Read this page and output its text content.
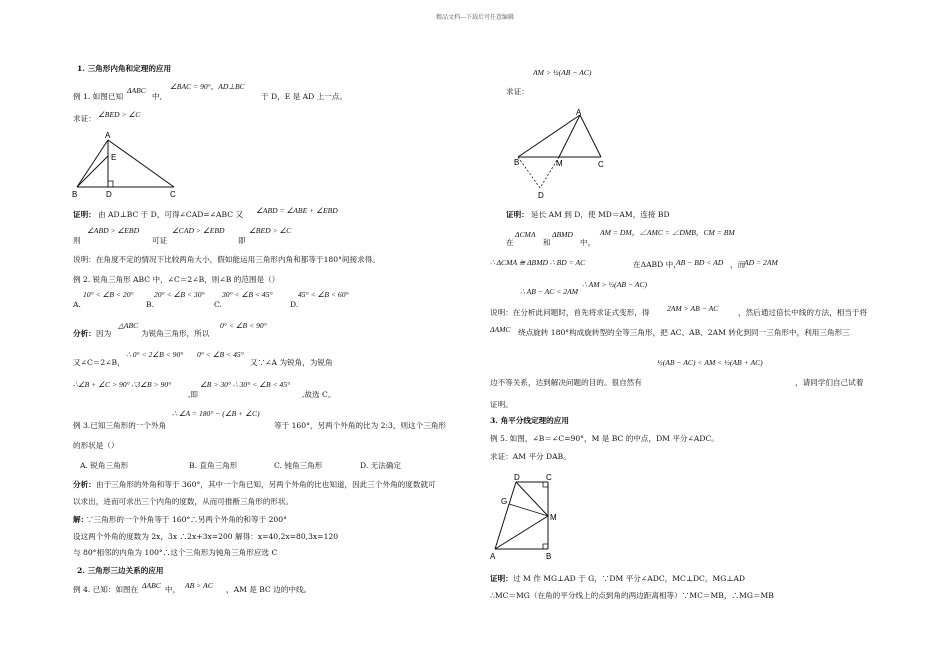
精品文档---下载后可任意编辑
1. 三角形内角和定理的应用
例 1. 如图已知
ΔABC
中,
∠BAC = 90°，AD⊥BC
于 D，E 是 AD 上一点。
求证： ∠BED > ∠C
A
E
B	D	C
证明： 由 AD⊥BC 于 D，可得∠CAD=∠ABC 又 ∠ABD = ∠ABE + ∠EBD
则
∠ABD > ∠EBD
可证
∠CAD > ∠EBD
即
∠BED > ∠C
说明：在角度不定的情况下比较两角大小，假如能运用三角形内角和都等于180°间接求得。
例 2. 锐角三角形 ABC 中，∠C＝2∠B，则∠B 的范围是（）
A.
10° < ∠B < 20°
B.
20° < ∠B < 30°
C.
30° < ∠B < 45°
D.
45° < ∠B < 60°
分析： 因为
△ABC
为锐角三角形，所以
0° < ∠B < 90°
又∠C＝2∠B，
∴ 0° < 2∠B < 90° 0° < ∠B < 45°
又∵∠A 为锐角，为锐角
∴∠B + ∠C > 90° ∴3∠B > 90°	∠B > 30° ∴ 30° < ∠B < 45°
,即	,故选 C。
例 3.已知三角形的一个外角
∴ ∠A = 180° − (∠B + ∠C)
等于 160°，另两个外角的比为 2:3，则这个三角形
的形状是（）
A. 锐角三角形	B. 直角三角形	C. 钝角三角形	D. 无法确定
分析： 由于三角形的外角和等于 360°，其中一个角已知，另两个外角的比也知道，因此三个外角的度数就可
以求出，进而可求出三个内角的度数，从而可推断三角形的形状。
解：
∵三角形的一个外角等于 160°∴另两个外角的和等于 200°
设这两个外角的度数为 2x，3x ∴2x+3x=200 解得：x=40,2x=80,3x=120
与 80°相邻的内角为 100°∴这个三角形为钝角三角形应选 C
2. 三角形三边关系的应用
例 4. 已知：如图在 ΔABC 中， AB > AC ，AM 是 BC 边的中线。
AM > ½(AB − AC)
求证：
A
B	M	C
D
证明： 延长 AM 到 D，使 MD＝AM，连接 BD
在
ΔCMA
和
ΔBMD
中，
AM = DM，∠AMC = ∠DMB，CM = BM
∴ ΔCMA ≅ ΔBMD ∴ BD = AC	在ΔABD 中，
AB − BD < AD ，而
AD = 2AM
∴ AB − AC < 2AM
∴ AM > ½(AB − AC)
说明：在分析此问题时，首先将求证式变形，得 2AM > AB − AC	，然后通过倍长中线的方法，相当于将
ΔAMC 绕点旋转 180°构成旋转型的全等三角形，把 AC、AB、2AM 转化到同一三角形中，利用三角形三
½(AB − AC) < AM < ½(AB + AC)
边不等关系，达到解决问题的目的。很自然有	，请同学们自己试着
证明。
3. 角平分线定理的应用
例 5. 如图，∠B＝∠C=90°，M 是 BC 的中点，DM 平分∠ADC。
求证：AM 平分 DAB。
D	C
G
M
A	B
证明： 过 M 作 MG⊥AD 于 G，∵DM 平分∠ADC，MC⊥DC，MG⊥AD
∴MC＝MG（在角的平分线上的点到角的两边距离相等）∵MC＝MB，∴MG＝MB
